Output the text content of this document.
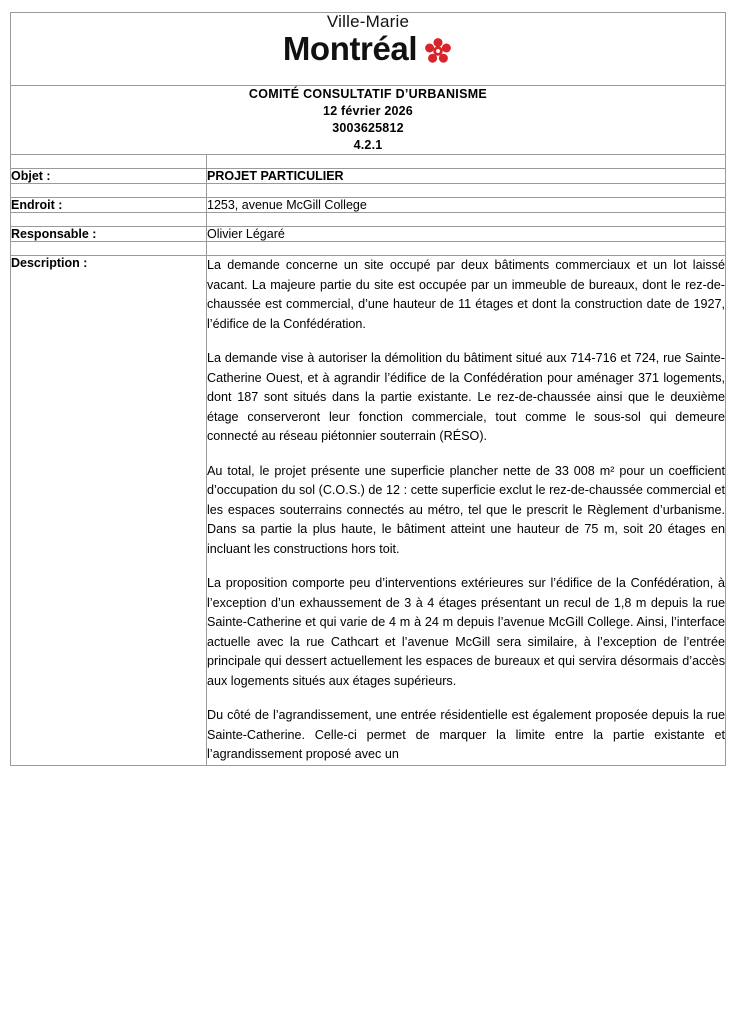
Ville-Marie
Montréal	

COMITÉ CONSULTATIF D’URBANISME
12 février 2026
3003625812
4.2.1	

Objet :	PROJET PARTICULIER

Endroit :	1253, avenue McGill College

Responsable :	Olivier Légaré

Description :	La demande concerne un site occupé par deux bâtiments commerciaux et un lot laissé vacant. La majeure partie du site est occupée par un immeuble de bureaux, dont le rez-de-chaussée est commercial, d’une hauteur de 11 étages et dont la construction date de 1927, l’édifice de la Confédération.

La demande vise à autoriser la démolition du bâtiment situé aux 714-716 et 724, rue Sainte-Catherine Ouest, et à agrandir l’édifice de la Confédération pour aménager 371 logements, dont 187 sont situés dans la partie existante. Le rez-de-chaussée ainsi que le deuxième étage conserveront leur fonction commerciale, tout comme le sous-sol qui demeure connecté au réseau piétonnier souterrain (RÉSO).

Au total, le projet présente une superficie plancher nette de 33 008 m² pour un coefficient d’occupation du sol (C.O.S.) de 12 : cette superficie exclut le rez-de-chaussée commercial et les espaces souterrains connectés au métro, tel que le prescrit le Règlement d’urbanisme. Dans sa partie la plus haute, le bâtiment atteint une hauteur de 75 m, soit 20 étages en incluant les constructions hors toit.

La proposition comporte peu d’interventions extérieures sur l’édifice de la Confédération, à l’exception d’un exhaussement de 3 à 4 étages présentant un recul de 1,8 m depuis la rue Sainte-Catherine et qui varie de 4 m à 24 m depuis l’avenue McGill College. Ainsi, l’interface actuelle avec la rue Cathcart et l’avenue McGill sera similaire, à l’exception de l’entrée principale qui dessert actuellement les espaces de bureaux et qui servira désormais d’accès aux logements situés aux étages supérieurs.

Du côté de l’agrandissement, une entrée résidentielle est également proposée depuis la rue Sainte-Catherine. Celle-ci permet de marquer la limite entre la partie existante et l’agrandissement proposé avec un
